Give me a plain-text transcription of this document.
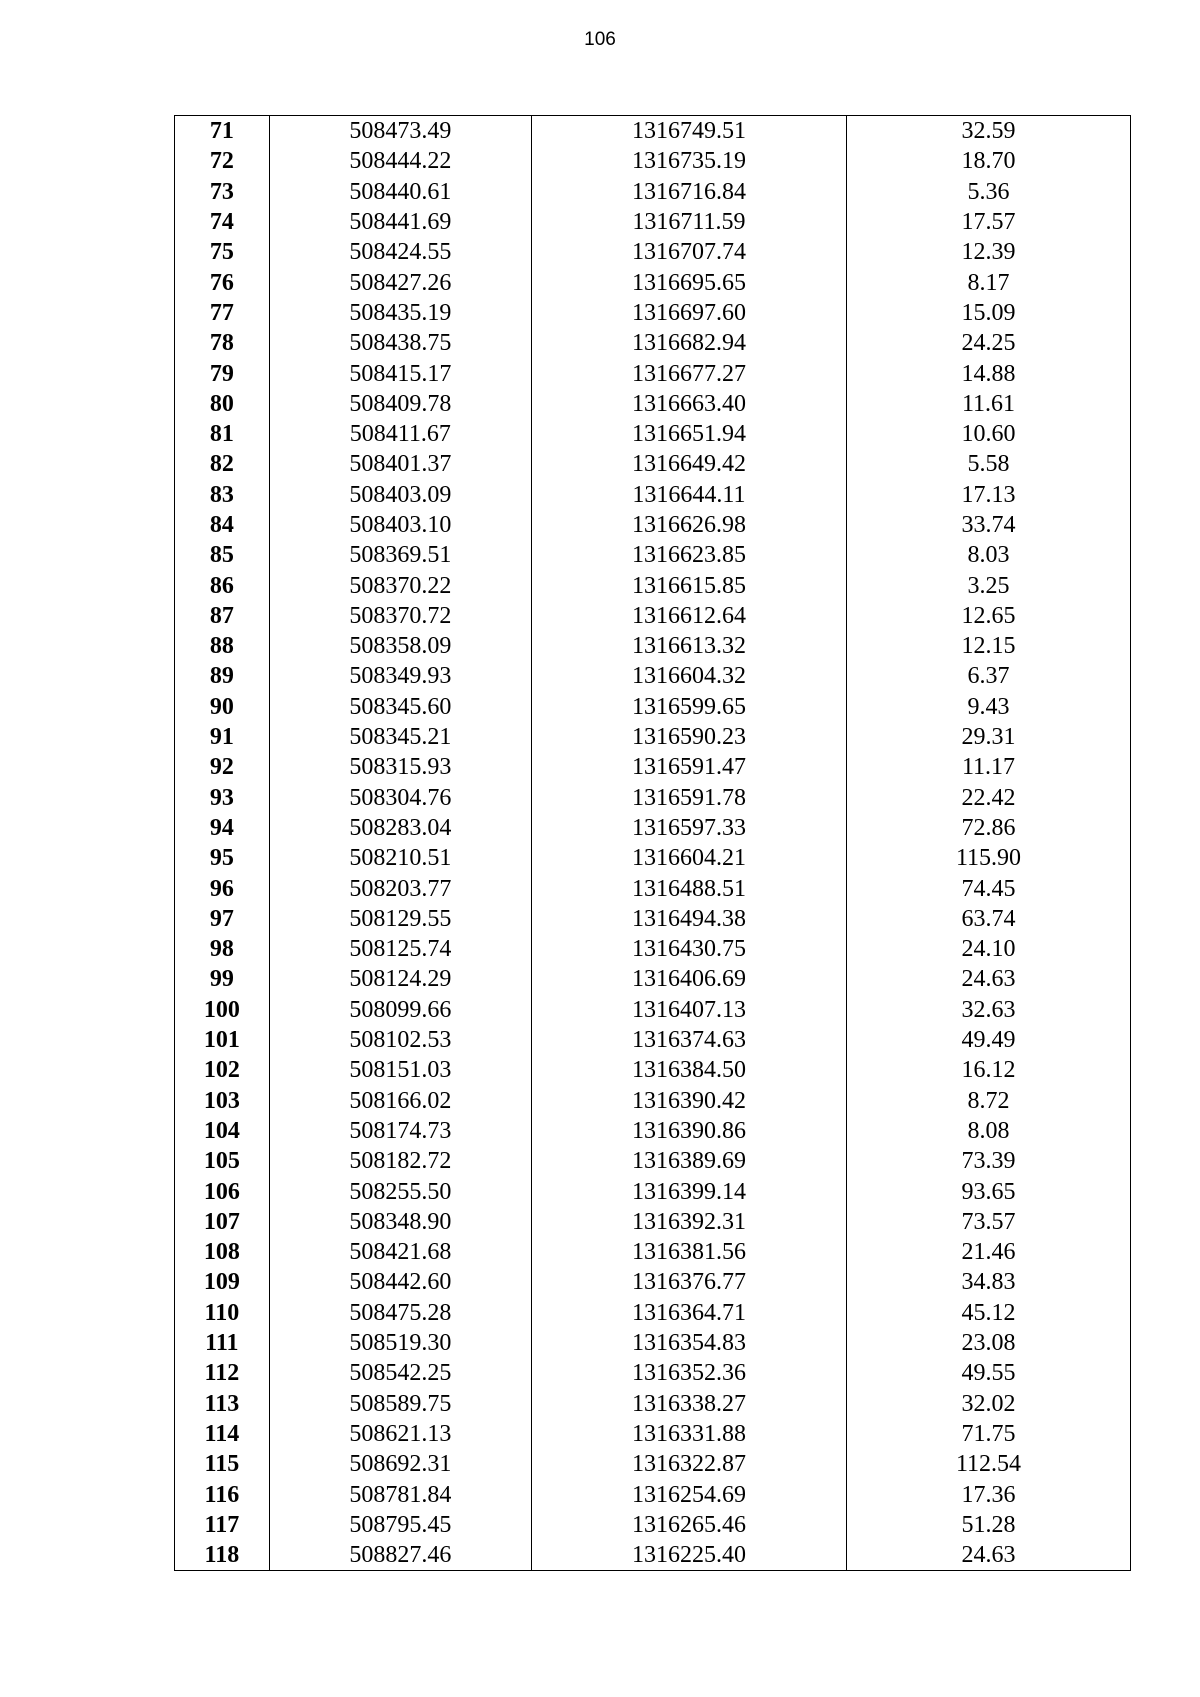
106
71	508473.49	1316749.51	32.59
72	508444.22	1316735.19	18.70
73	508440.61	1316716.84	5.36
74	508441.69	1316711.59	17.57
75	508424.55	1316707.74	12.39
76	508427.26	1316695.65	8.17
77	508435.19	1316697.60	15.09
78	508438.75	1316682.94	24.25
79	508415.17	1316677.27	14.88
80	508409.78	1316663.40	11.61
81	508411.67	1316651.94	10.60
82	508401.37	1316649.42	5.58
83	508403.09	1316644.11	17.13
84	508403.10	1316626.98	33.74
85	508369.51	1316623.85	8.03
86	508370.22	1316615.85	3.25
87	508370.72	1316612.64	12.65
88	508358.09	1316613.32	12.15
89	508349.93	1316604.32	6.37
90	508345.60	1316599.65	9.43
91	508345.21	1316590.23	29.31
92	508315.93	1316591.47	11.17
93	508304.76	1316591.78	22.42
94	508283.04	1316597.33	72.86
95	508210.51	1316604.21	115.90
96	508203.77	1316488.51	74.45
97	508129.55	1316494.38	63.74
98	508125.74	1316430.75	24.10
99	508124.29	1316406.69	24.63
100	508099.66	1316407.13	32.63
101	508102.53	1316374.63	49.49
102	508151.03	1316384.50	16.12
103	508166.02	1316390.42	8.72
104	508174.73	1316390.86	8.08
105	508182.72	1316389.69	73.39
106	508255.50	1316399.14	93.65
107	508348.90	1316392.31	73.57
108	508421.68	1316381.56	21.46
109	508442.60	1316376.77	34.83
110	508475.28	1316364.71	45.12
111	508519.30	1316354.83	23.08
112	508542.25	1316352.36	49.55
113	508589.75	1316338.27	32.02
114	508621.13	1316331.88	71.75
115	508692.31	1316322.87	112.54
116	508781.84	1316254.69	17.36
117	508795.45	1316265.46	51.28
118	508827.46	1316225.40	24.63
